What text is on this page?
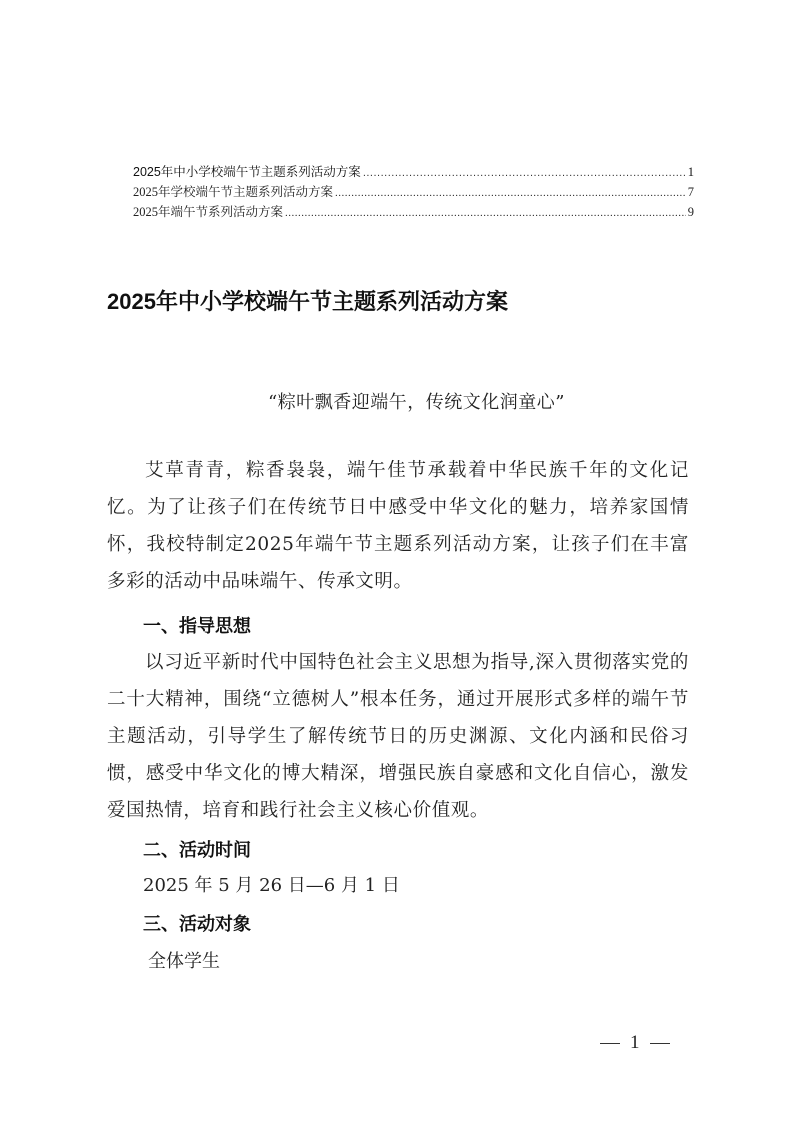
2025年中小学校端午节主题系列活动方案 .....	1
2025年学校端午节主题系列活动方案 .....	7
2025年端午节系列活动方案 .....	9
2025年中小学校端午节主题系列活动方案
“粽叶飘香迎端午，传统文化润童心”

艾草青青，粽香袅袅，端午佳节承载着中华民族千年的文化记忆。为了让孩子们在传统节日中感受中华文化的魅力，培养家国情怀，我校特制定2025年端午节主题系列活动方案，让孩子们在丰富多彩的活动中品味端午、传承文明。

一、指导思想

以习近平新时代中国特色社会主义思想为指导,深入贯彻落实党的二十大精神，围绕“立德树人”根本任务，通过开展形式多样的端午节主题活动，引导学生了解传统节日的历史渊源、文化内涵和民俗习惯，感受中华文化的博大精深，增强民族自豪感和文化自信心，激发爱国热情，培育和践行社会主义核心价值观。

二、活动时间
2025 年 5 月 26 日—6 月 1 日
三、活动对象
全体学生
1
